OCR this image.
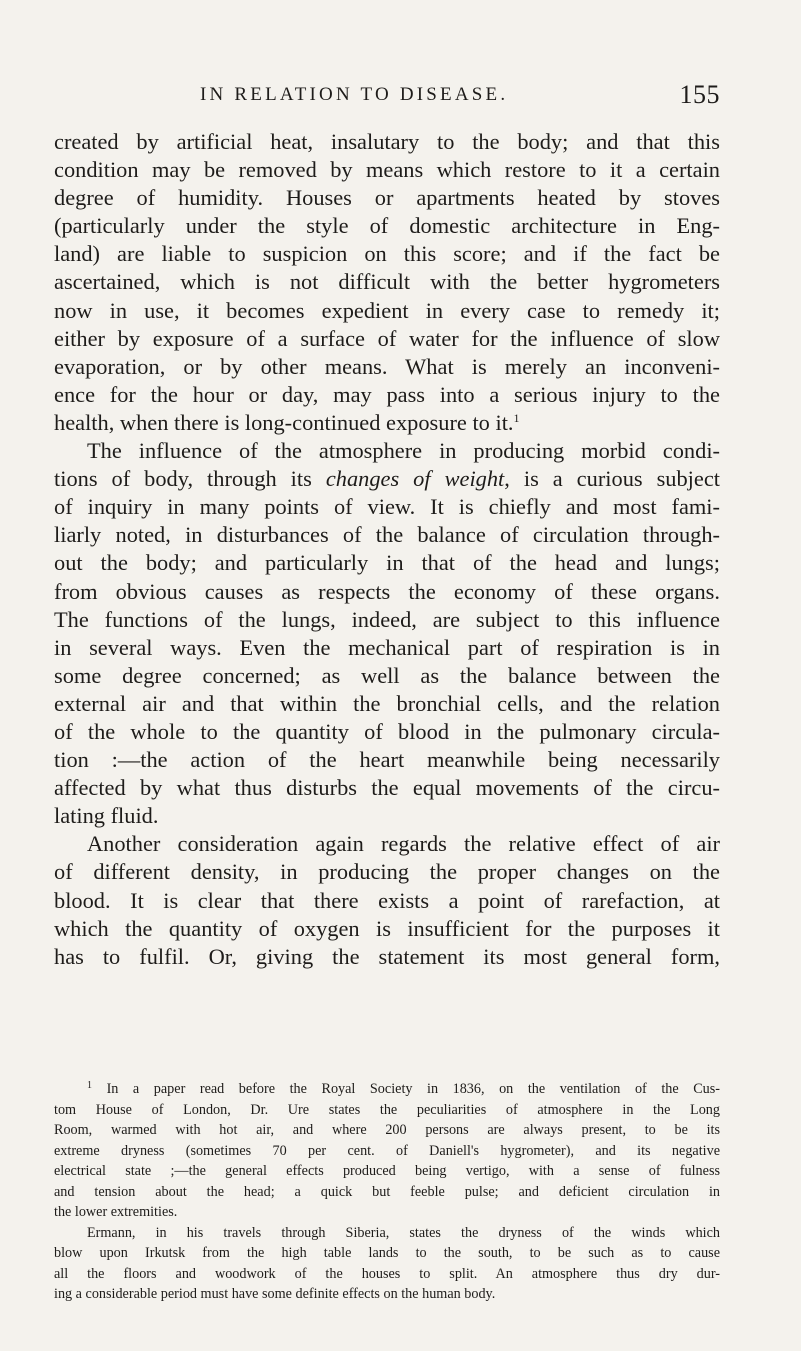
IN RELATION TO DISEASE.	155
created by artificial heat, insalutary to the body; and that this
condition may be removed by means which restore to it a certain
degree of humidity. Houses or apartments heated by stoves
(particularly under the style of domestic architecture in Eng-
land) are liable to suspicion on this score; and if the fact be
ascertained, which is not difficult with the better hygrometers
now in use, it becomes expedient in every case to remedy it;
either by exposure of a surface of water for the influence of slow
evaporation, or by other means. What is merely an inconveni-
ence for the hour or day, may pass into a serious injury to the
health, when there is long-continued exposure to it.$^1$
The influence of the atmosphere in producing morbid condi-
tions of body, through its changes of weight, is a curious subject
of inquiry in many points of view. It is chiefly and most fami-
liarly noted, in disturbances of the balance of circulation through-
out the body; and particularly in that of the head and lungs;
from obvious causes as respects the economy of these organs.
The functions of the lungs, indeed, are subject to this influence
in several ways. Even the mechanical part of respiration is in
some degree concerned; as well as the balance between the
external air and that within the bronchial cells, and the relation
of the whole to the quantity of blood in the pulmonary circula-
tion :—the action of the heart meanwhile being necessarily
affected by what thus disturbs the equal movements of the circu-
lating fluid.
Another consideration again regards the relative effect of air
of different density, in producing the proper changes on the
blood. It is clear that there exists a point of rarefaction, at
which the quantity of oxygen is insufficient for the purposes it
has to fulfil. Or, giving the statement its most general form,
$^1$ In a paper read before the Royal Society in 1836, on the ventilation of the Cus-
tom House of London, Dr. Ure states the peculiarities of atmosphere in the Long
Room, warmed with hot air, and where 200 persons are always present, to be its
extreme dryness (sometimes 70 per cent. of Daniell's hygrometer), and its negative
electrical state ;—the general effects produced being vertigo, with a sense of fulness
and tension about the head; a quick but feeble pulse; and deficient circulation in
the lower extremities.
Ermann, in his travels through Siberia, states the dryness of the winds which
blow upon Irkutsk from the high table lands to the south, to be such as to cause
all the floors and woodwork of the houses to split. An atmosphere thus dry dur-
ing a considerable period must have some definite effects on the human body.
